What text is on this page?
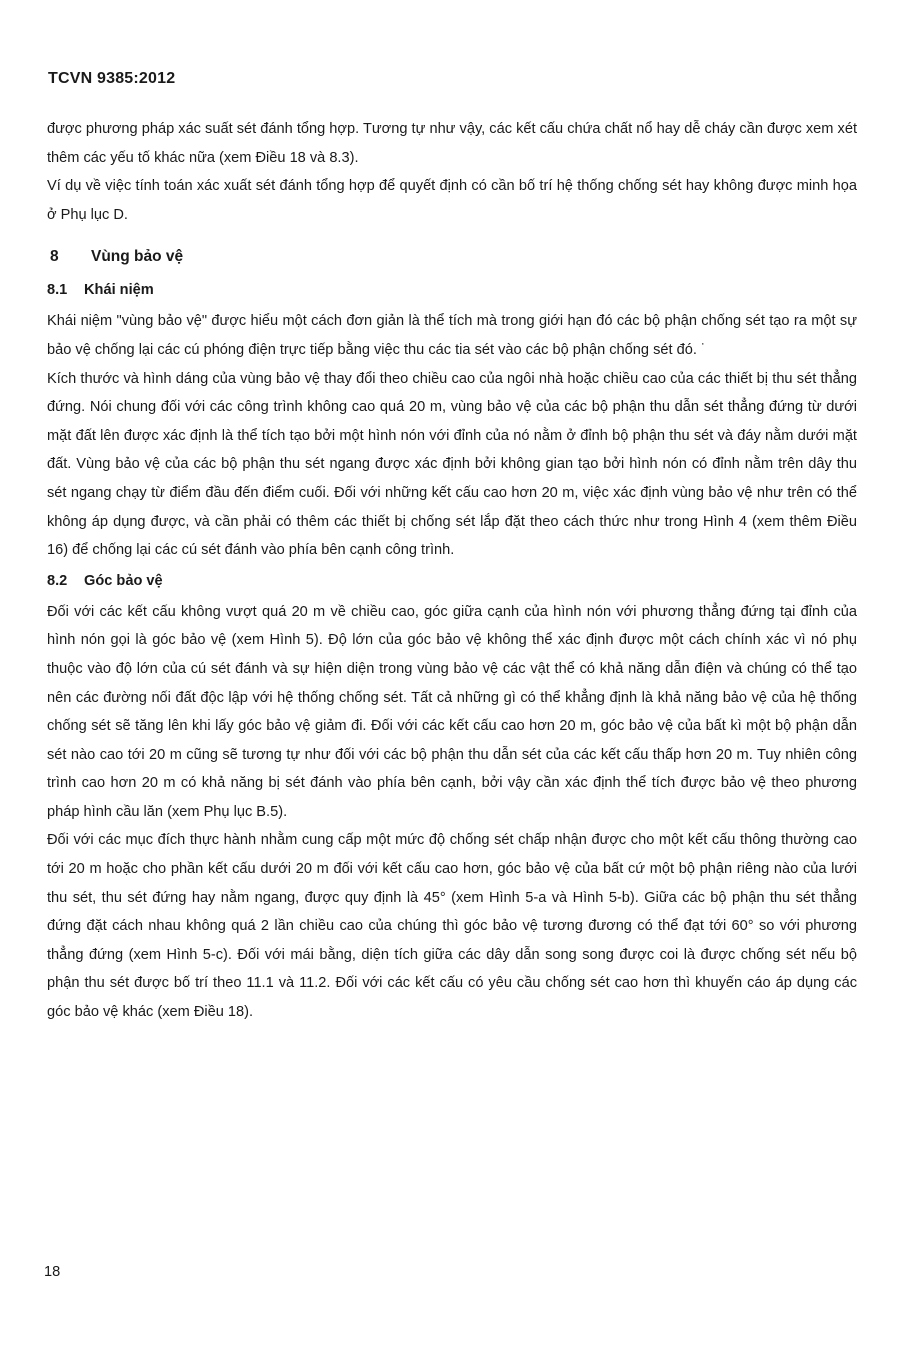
TCVN 9385:2012

được phương pháp xác suất sét đánh tổng hợp. Tương tự như vậy, các kết cấu chứa chất nổ hay dễ cháy cần được xem xét thêm các yếu tố khác nữa (xem Điều 18 và 8.3).

Ví dụ về việc tính toán xác xuất sét đánh tổng hợp để quyết định có cần bố trí hệ thống chống sét hay không được minh họa ở Phụ lục D.

8 Vùng bảo vệ
8.1 Khái niệm

Khái niệm "vùng bảo vệ" được hiểu một cách đơn giản là thể tích mà trong giới hạn đó các bộ phận chống sét tạo ra một sự bảo vệ chống lại các cú phóng điện trực tiếp bằng việc thu các tia sét vào các bộ phận chống sét đó. ˙

Kích thước và hình dáng của vùng bảo vệ thay đổi theo chiều cao của ngôi nhà hoặc chiều cao của các thiết bị thu sét thẳng đứng. Nói chung đối với các công trình không cao quá 20 m, vùng bảo vệ của các bộ phận thu dẫn sét thẳng đứng từ dưới mặt đất lên được xác định là thể tích tạo bởi một hình nón với đỉnh của nó nằm ở đỉnh bộ phận thu sét và đáy nằm dưới mặt đất. Vùng bảo vệ của các bộ phận thu sét ngang được xác định bởi không gian tạo bởi hình nón có đỉnh nằm trên dây thu sét ngang chạy từ điểm đầu đến điểm cuối. Đối với những kết cấu cao hơn 20 m, việc xác định vùng bảo vệ như trên có thể không áp dụng được, và cần phải có thêm các thiết bị chống sét lắp đặt theo cách thức như trong Hình 4 (xem thêm Điều 16) để chống lại các cú sét đánh vào phía bên cạnh công trình.

8.2 Góc bảo vệ

Đối với các kết cấu không vượt quá 20 m về chiều cao, góc giữa cạnh của hình nón với phương thẳng đứng tại đỉnh của hình nón gọi là góc bảo vệ (xem Hình 5). Độ lớn của góc bảo vệ không thể xác định được một cách chính xác vì nó phụ thuộc vào độ lớn của cú sét đánh và sự hiện diện trong vùng bảo vệ các vật thể có khả năng dẫn điện và chúng có thể tạo nên các đường nối đất độc lập với hệ thống chống sét. Tất cả những gì có thể khẳng định là khả năng bảo vệ của hệ thống chống sét sẽ tăng lên khi lấy góc bảo vệ giảm đi. Đối với các kết cấu cao hơn 20 m, góc bảo vệ của bất kì một bộ phận dẫn sét nào cao tới 20 m cũng sẽ tương tự như đối với các bộ phận thu dẫn sét của các kết cấu thấp hơn 20 m. Tuy nhiên công trình cao hơn 20 m có khả năng bị sét đánh vào phía bên cạnh, bởi vậy cần xác định thể tích được bảo vệ theo phương pháp hình cầu lăn (xem Phụ lục B.5).

Đối với các mục đích thực hành nhằm cung cấp một mức độ chống sét chấp nhận được cho một kết cấu thông thường cao tới 20 m hoặc cho phần kết cấu dưới 20 m đối với kết cấu cao hơn, góc bảo vệ của bất cứ một bộ phận riêng nào của lưới thu sét, thu sét đứng hay nằm ngang, được quy định là 45° (xem Hình 5-a và Hình 5-b). Giữa các bộ phận thu sét thẳng đứng đặt cách nhau không quá 2 lần chiều cao của chúng thì góc bảo vệ tương đương có thể đạt tới 60° so với phương thẳng đứng (xem Hình 5-c). Đối với mái bằng, diện tích giữa các dây dẫn song song được coi là được chống sét nếu bộ phận thu sét được bố trí theo 11.1 và 11.2. Đối với các kết cấu có yêu cầu chống sét cao hơn thì khuyến cáo áp dụng các góc bảo vệ khác (xem Điều 18).

18
